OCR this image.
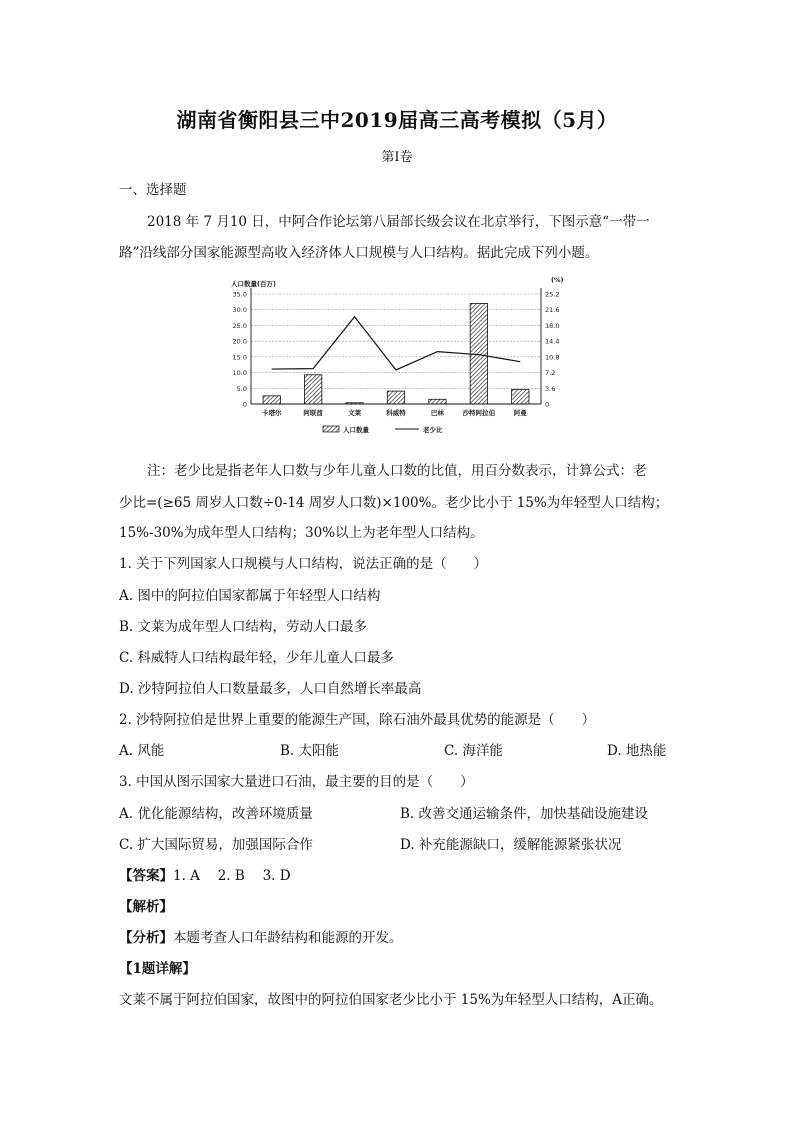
湖南省衡阳县三中2019届高三高考模拟（5月）
第Ⅰ卷
一、选择题
2018 年 7 月10 日，中阿合作论坛第八届部长级会议在北京举行，下图示意“一带一
路”沿线部分国家能源型高收入经济体人口规模与人口结构。据此完成下列小题。
0
5.0
10.0
15.0
20.0
25.0
30.0
35.0
0
3.6
7.2
10.8
14.4
18.0
21.6
25.2
人口数量(百万)	(%)
卡塔尔	阿联酋	文莱	科威特	巴林	沙特阿拉伯	阿曼
人口数量	老少比
注：老少比是指老年人口数与少年儿童人口数的比值，用百分数表示，计算公式：老
少比=(≥65 周岁人口数÷0-14 周岁人口数)×100%。老少比小于 15%为年轻型人口结构；
15%-30%为成年型人口结构；30%以上为老年型人口结构。
1. 关于下列国家人口规模与人口结构，说法正确的是（　　）
A. 图中的阿拉伯国家都属于年轻型人口结构
B. 文莱为成年型人口结构，劳动人口最多
C. 科威特人口结构最年轻，少年儿童人口最多
D. 沙特阿拉伯人口数量最多，人口自然增长率最高
2. 沙特阿拉伯是世界上重要的能源生产国，除石油外最具优势的能源是（　　）
A. 风能	B. 太阳能	C. 海洋能	D. 地热能
3. 中国从图示国家大量进口石油，最主要的目的是（　　）
A. 优化能源结构，改善环境质量	B. 改善交通运输条件，加快基础设施建设
C. 扩大国际贸易，加强国际合作	D. 补充能源缺口，缓解能源紧张状况
【答案】1. A　 2. B　 3. D
【解析】
【分析】本题考查人口年龄结构和能源的开发。
【1题详解】
文莱不属于阿拉伯国家，故图中的阿拉伯国家老少比小于 15%为年轻型人口结构，A正确。
